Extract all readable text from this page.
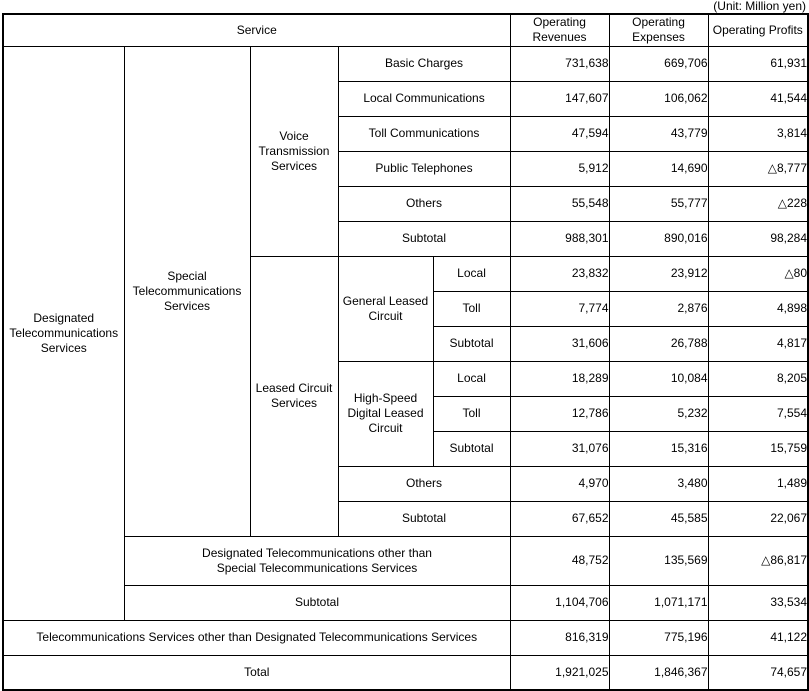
(Unit: Million yen)
Service					Operating Revenues	Operating Expenses	Operating Profits
Designated Telecommunications Services	Special Telecommunications Services	Voice Transmission Services	Basic Charges		731,638	669,706	61,931
			Local Communications		147,607	106,062	41,544
			Toll Communications		47,594	43,779	3,814
			Public Telephones		5,912	14,690	△8,777
			Others		55,548	55,777	△228
			Subtotal		988,301	890,016	98,284
		Leased Circuit Services	General Leased Circuit	Local	23,832	23,912	△80
				Toll	7,774	2,876	4,898
				Subtotal	31,606	26,788	4,817
			High-Speed Digital Leased Circuit	Local	18,289	10,084	8,205
				Toll	12,786	5,232	7,554
				Subtotal	31,076	15,316	15,759
			Others		4,970	3,480	1,489
			Subtotal		67,652	45,585	22,067

	Designated Telecommunications other than Special Telecommunications Services				48,752	135,569	△86,817
	Subtotal				1,104,706	1,071,171	33,534
Telecommunications Services other than Designated Telecommunications Services					816,319	775,196	41,122
Total					1,921,025	1,846,367	74,657
